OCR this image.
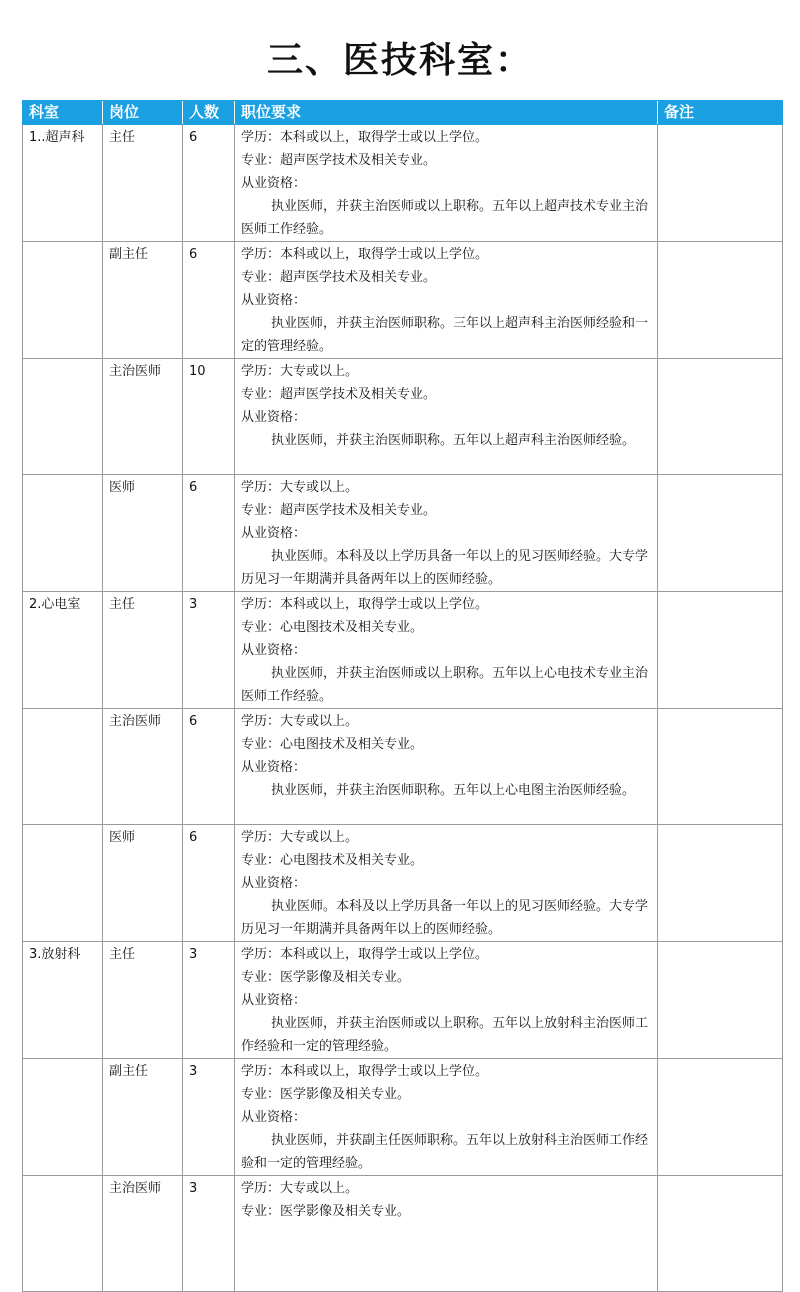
三、医技科室：
科室	岗位	人数	职位要求	备注
1..超声科	主任	6	学历：本科或以上，取得学士或以上学位。
专业：超声医学技术及相关专业。
从业资格：
执业医师，并获主治医师或以上职称。五年以上超声技术专业主治医师工作经验。	

	副主任	6	学历：本科或以上，取得学士或以上学位。
专业：超声医学技术及相关专业。
从业资格：
执业医师，并获主治医师职称。三年以上超声科主治医师经验和一定的管理经验。	

	主治医师	10	学历：大专或以上。
专业：超声医学技术及相关专业。
从业资格：
执业医师，并获主治医师职称。五年以上超声科主治医师经验。	

	医师	6	学历：大专或以上。
专业：超声医学技术及相关专业。
从业资格：
执业医师。本科及以上学历具备一年以上的见习医师经验。大专学历见习一年期满并具备两年以上的医师经验。	

2.心电室	主任	3	学历：本科或以上，取得学士或以上学位。
专业：心电图技术及相关专业。
从业资格：
执业医师，并获主治医师或以上职称。五年以上心电技术专业主治医师工作经验。	

	主治医师	6	学历：大专或以上。
专业：心电图技术及相关专业。
从业资格：
执业医师，并获主治医师职称。五年以上心电图主治医师经验。	

	医师	6	学历：大专或以上。
专业：心电图技术及相关专业。
从业资格：
执业医师。本科及以上学历具备一年以上的见习医师经验。大专学历见习一年期满并具备两年以上的医师经验。	

3.放射科	主任	3	学历：本科或以上，取得学士或以上学位。
专业：医学影像及相关专业。
从业资格：
执业医师，并获主治医师或以上职称。五年以上放射科主治医师工作经验和一定的管理经验。	

	副主任	3	学历：本科或以上，取得学士或以上学位。
专业：医学影像及相关专业。
从业资格：
执业医师，并获副主任医师职称。五年以上放射科主治医师工作经验和一定的管理经验。	

	主治医师	3	学历：大专或以上。
专业：医学影像及相关专业。	
